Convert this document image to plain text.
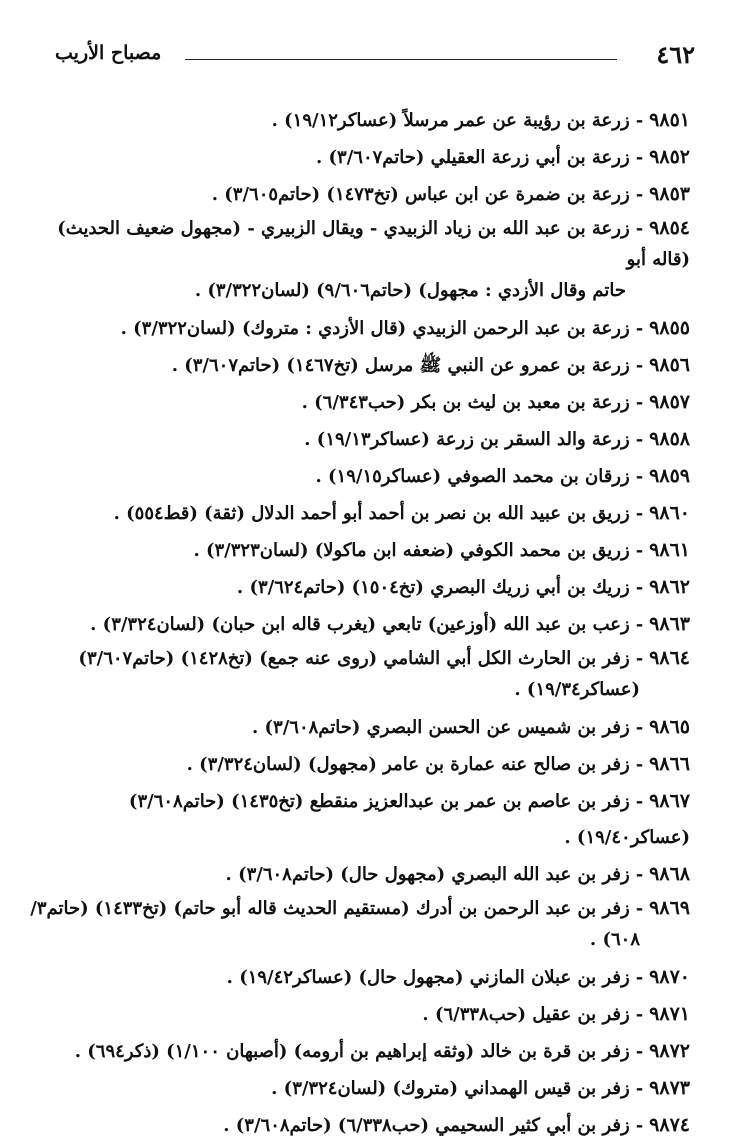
٤٦٢
مصباح الأريب
٩٨٥١-زرعة بن رؤيبة عن عمر مرسلاً (عساكر١٩/١٢) .
٩٨٥٢-زرعة بن أبي زرعة العقيلي (حاتم٣/٦٠٧) .
٩٨٥٣-زرعة بن ضمرة عن ابن عباس (تخ١٤٧٣) (حاتم٣/٦٠٥) .
٩٨٥٤-زرعة بن عبد الله بن زياد الزبيدي - ويقال الزبيري - (مجهول ضعيف الحديث) (قاله أبو
حاتم وقال الأزدي : مجهول) (حاتم٩/٦٠٦) (لسان٣/٣٢٢) .
٩٨٥٥-زرعة بن عبد الرحمن الزبيدي (قال الأزدي : متروك) (لسان٣/٣٢٢) .
٩٨٥٦-زرعة بن عمرو عن النبي ﷺ مرسل (تخ١٤٦٧) (حاتم٣/٦٠٧) .
٩٨٥٧-زرعة بن معبد بن ليث بن بكر (حب٦/٣٤٣) .
٩٨٥٨-زرعة والد السقر بن زرعة (عساكر١٩/١٣) .
٩٨٥٩-زرقان بن محمد الصوفي (عساكر١٩/١٥) .
٩٨٦٠-زريق بن عبيد الله بن نصر بن أحمد أبو أحمد الدلال (ثقة) (قط٥٥٤) .
٩٨٦١-زريق بن محمد الكوفي (ضعفه ابن ماكولا) (لسان٣/٣٢٣) .
٩٨٦٢-زريك بن أبي زريك البصري (تخ١٥٠٤) (حاتم٣/٦٢٤) .
٩٨٦٣-زعب بن عبد الله (أوزعين) تابعي (يغرب قاله ابن حبان) (لسان٣/٣٢٤) .
٩٨٦٤-زفر بن الحارث الكل أبي الشامي (روى عنه جمع) (تخ١٤٢٨) (حاتم٣/٦٠٧)
(عساكر١٩/٣٤) .
٩٨٦٥-زفر بن شميس عن الحسن البصري (حاتم٣/٦٠٨) .
٩٨٦٦-زفر بن صالح عنه عمارة بن عامر (مجهول) (لسان٣/٣٢٤) .
٩٨٦٧-زفر بن عاصم بن عمر بن عبدالعزيز منقطع (تخ١٤٣٥) (حاتم٣/٦٠٨) (عساكر١٩/٤٠) .
٩٨٦٨-زفر بن عبد الله البصري (مجهول حال) (حاتم٣/٦٠٨) .
٩٨٦٩-زفر بن عبد الرحمن بن أدرك (مستقيم الحديث قاله أبو حاتم) (تخ١٤٣٣) (حاتم٣/
٦٠٨) .
٩٨٧٠-زفر بن عبلان المازني (مجهول حال) (عساكر١٩/٤٢) .
٩٨٧١-زفر بن عقيل (حب٦/٣٣٨) .
٩٨٧٢-زفر بن قرة بن خالد (وثقه إبراهيم بن أرومه) (أصبهان ١/١٠٠) (ذكر٦٩٤) .
٩٨٧٣-زفر بن قيس الهمداني (متروك) (لسان٣/٣٢٤) .
٩٨٧٤-زفر بن أبي كثير السحيمي (حب٦/٣٣٨) (حاتم٣/٦٠٨) .
